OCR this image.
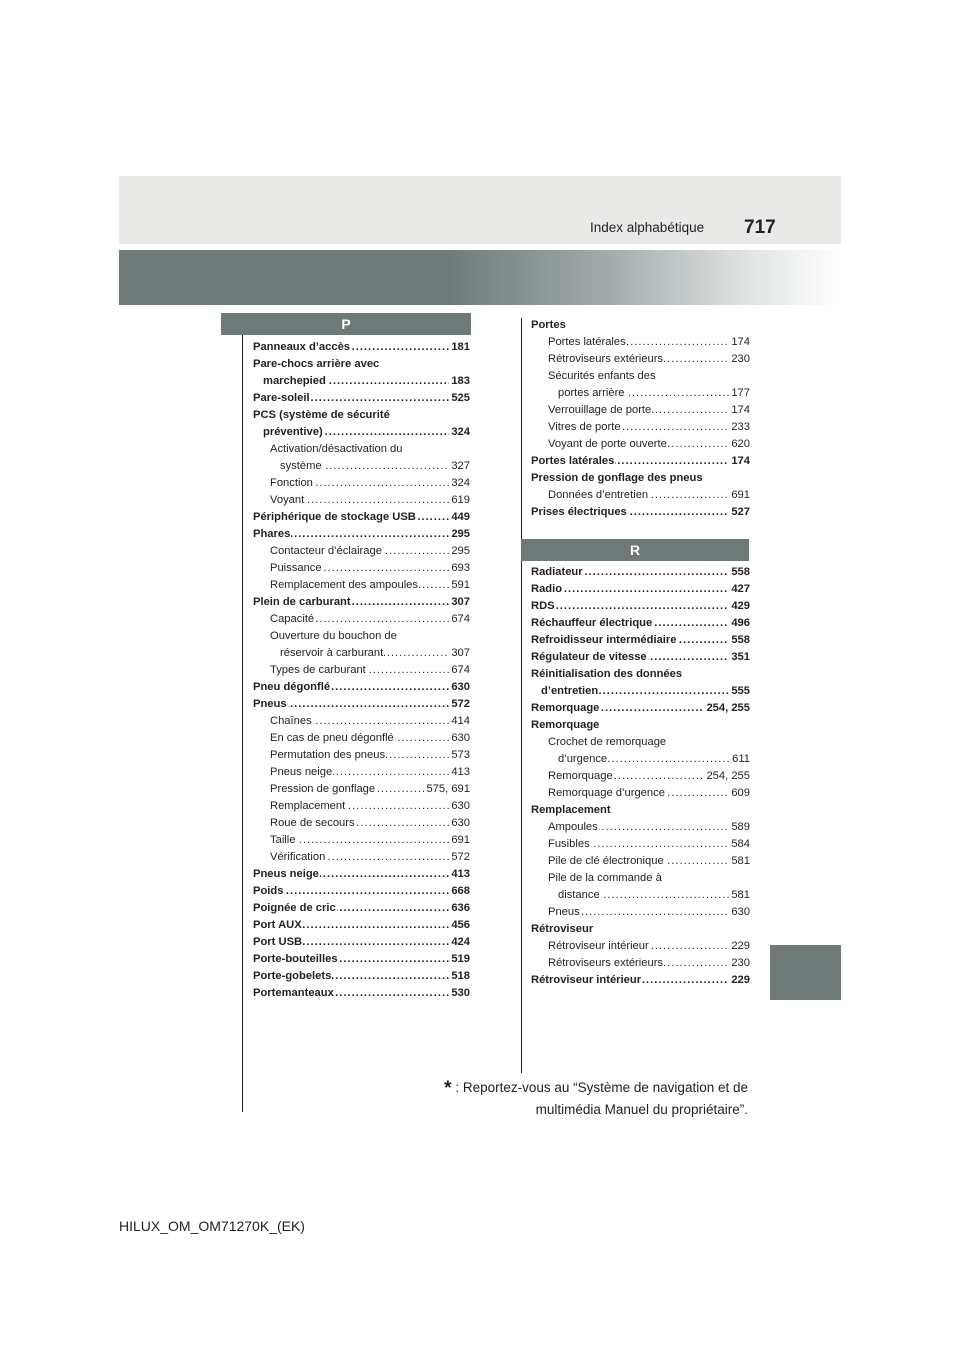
717
Index alphabétique
P
R
Panneaux d’accès .....	181
Pare-chocs arrière avec
marchepied .....	183
Pare-soleil .....	525
PCS (système de sécurité
préventive) .....	324
Activation/désactivation du
système .....	327
Fonction .....	324
Voyant .....	619
Périphérique de stockage USB .....	449
Phares .....	295
Contacteur d’éclairage .....	295
Puissance .....	693
Remplacement des ampoules .....	591
Plein de carburant .....	307
Capacité .....	674
Ouverture du bouchon de
réservoir à carburant .....	307
Types de carburant .....	674
Pneu dégonflé .....	630
Pneus .....	572
Chaînes .....	414
En cas de pneu dégonflé .....	630
Permutation des pneus .....	573
Pneus neige .....	413
Pression de gonflage .....	575, 691
Remplacement .....	630
Roue de secours .....	630
Taille .....	691
Vérification .....	572
Pneus neige .....	413
Poids .....	668
Poignée de cric .....	636
Port AUX .....	456
Port USB .....	424
Porte-bouteilles .....	519
Porte-gobelets .....	518
Portemanteaux .....	530
Portes
Portes latérales .....	174
Rétroviseurs extérieurs .....	230
Sécurités enfants des
portes arrière .....	177
Verrouillage de porte .....	174
Vitres de porte .....	233
Voyant de porte ouverte .....	620
Portes latérales .....	174
Pression de gonflage des pneus
Données d’entretien .....	691
Prises électriques .....	527
Radiateur .....	558
Radio .....	427
RDS .....	429
Réchauffeur électrique .....	496
Refroidisseur intermédiaire .....	558
Régulateur de vitesse .....	351
Réinitialisation des données
d’entretien .....	555
Remorquage .....	254, 255
Remorquage
Crochet de remorquage
d’urgence .....	611
Remorquage .....	254, 255
Remorquage d’urgence .....	609
Remplacement
Ampoules .....	589
Fusibles .....	584
Pile de clé électronique .....	581
Pile de la commande à
distance .....	581
Pneus .....	630
Rétroviseur
Rétroviseur intérieur .....	229
Rétroviseurs extérieurs .....	230
Rétroviseur intérieur .....	229
* : Reportez-vous au “Système de navigation et de
multimédia Manuel du propriétaire”.
HILUX_OM_OM71270K_(EK)
